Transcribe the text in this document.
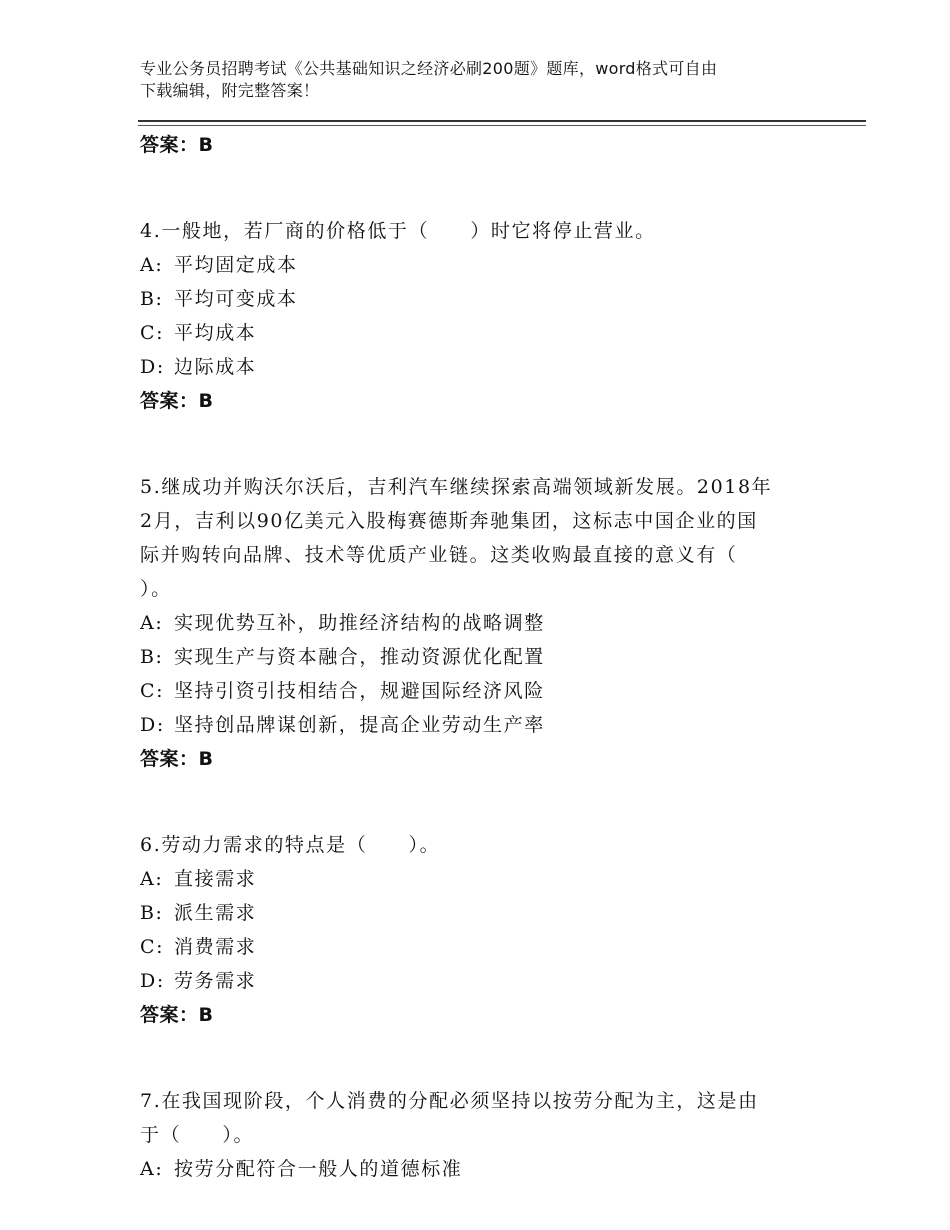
专业公务员招聘考试《公共基础知识之经济必刷200题》题库，word格式可自由
下载编辑，附完整答案！

答案：B

4.一般地，若厂商的价格低于（　　）时它将停止营业。

A: 平均固定成本

B: 平均可变成本

C: 平均成本

D: 边际成本

答案：B

5.继成功并购沃尔沃后，吉利汽车继续探索高端领域新发展。2018年

2月，吉利以90亿美元入股梅赛德斯奔驰集团，这标志中国企业的国

际并购转向品牌、技术等优质产业链。这类收购最直接的意义有（

）。

A: 实现优势互补，助推经济结构的战略调整

B: 实现生产与资本融合，推动资源优化配置

C: 坚持引资引技相结合，规避国际经济风险

D: 坚持创品牌谋创新，提高企业劳动生产率

答案：B

6.劳动力需求的特点是（　　）。

A: 直接需求

B: 派生需求

C: 消费需求

D: 劳务需求

答案：B

7.在我国现阶段，个人消费的分配必须坚持以按劳分配为主，这是由

于（　　）。

A: 按劳分配符合一般人的道德标准
